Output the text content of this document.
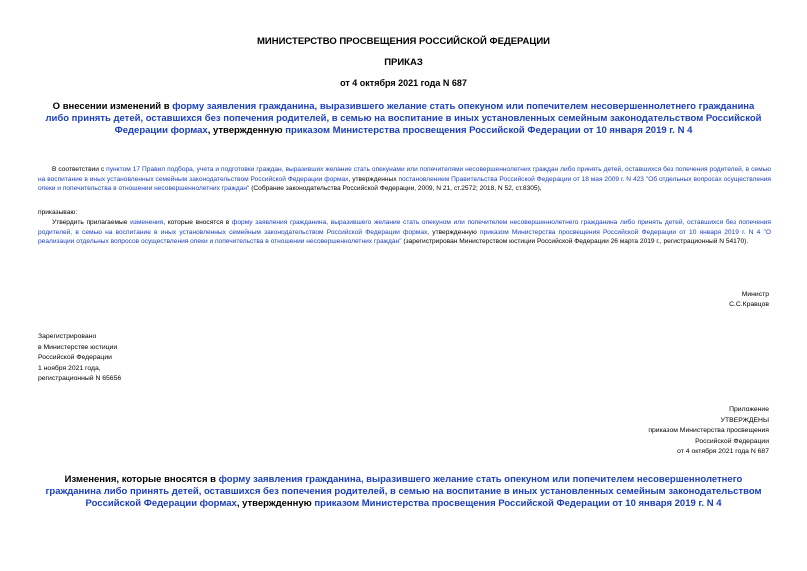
МИНИСТЕРСТВО ПРОСВЕЩЕНИЯ РОССИЙСКОЙ ФЕДЕРАЦИИ
ПРИКАЗ
от 4 октября 2021 года N 687
О внесении изменений в форму заявления гражданина, выразившего желание стать опекуном или попечителем несовершеннолетнего гражданина либо принять детей, оставшихся без попечения родителей, в семью на воспитание в иных установленных семейным законодательством Российской Федерации формах, утвержденную приказом Министерства просвещения Российской Федерации от 10 января 2019 г. N 4
В соответствии с пунктом 17 Правил подбора, учета и подготовки граждан, выразивших желание стать опекунами или попечителями несовершеннолетних граждан либо принять детей, оставшихся без попечения родителей, в семью на воспитание в иных установленных семейным законодательством Российской Федерации формах, утвержденных постановлением Правительства Российской Федерации от 18 мая 2009 г. N 423 "Об отдельных вопросах осуществления опеки и попечительства в отношении несовершеннолетних граждан" (Собрание законодательства Российской Федерации, 2009, N 21, ст.2572; 2018, N 52, ст.8305),
приказываю:
Утвердить прилагаемые изменения, которые вносятся в форму заявления гражданина, выразившего желание стать опекуном или попечителем несовершеннолетнего гражданина либо принять детей, оставшихся без попечения родителей, в семью на воспитание в иных установленных семейным законодательством Российской Федерации формах, утвержденную приказом Министерства просвещения Российской Федерации от 10 января 2019 г. N 4 "О реализации отдельных вопросов осуществления опеки и попечительства в отношении несовершеннолетних граждан" (зарегистрирован Министерством юстиции Российской Федерации 26 марта 2019 г., регистрационный N 54170).
Министр
С.С.Кравцов
Зарегистрировано
в Министерстве юстиции
Российской Федерации
1 ноября 2021 года,
регистрационный N 65656
Приложение
УТВЕРЖДЕНЫ
приказом Министерства просвещения
Российской Федерации
от 4 октября 2021 года N 687
Изменения, которые вносятся в форму заявления гражданина, выразившего желание стать опекуном или попечителем несовершеннолетнего гражданина либо принять детей, оставшихся без попечения родителей, в семью на воспитание в иных установленных семейным законодательством Российской Федерации формах, утвержденную приказом Министерства просвещения Российской Федерации от 10 января 2019 г. N 4
